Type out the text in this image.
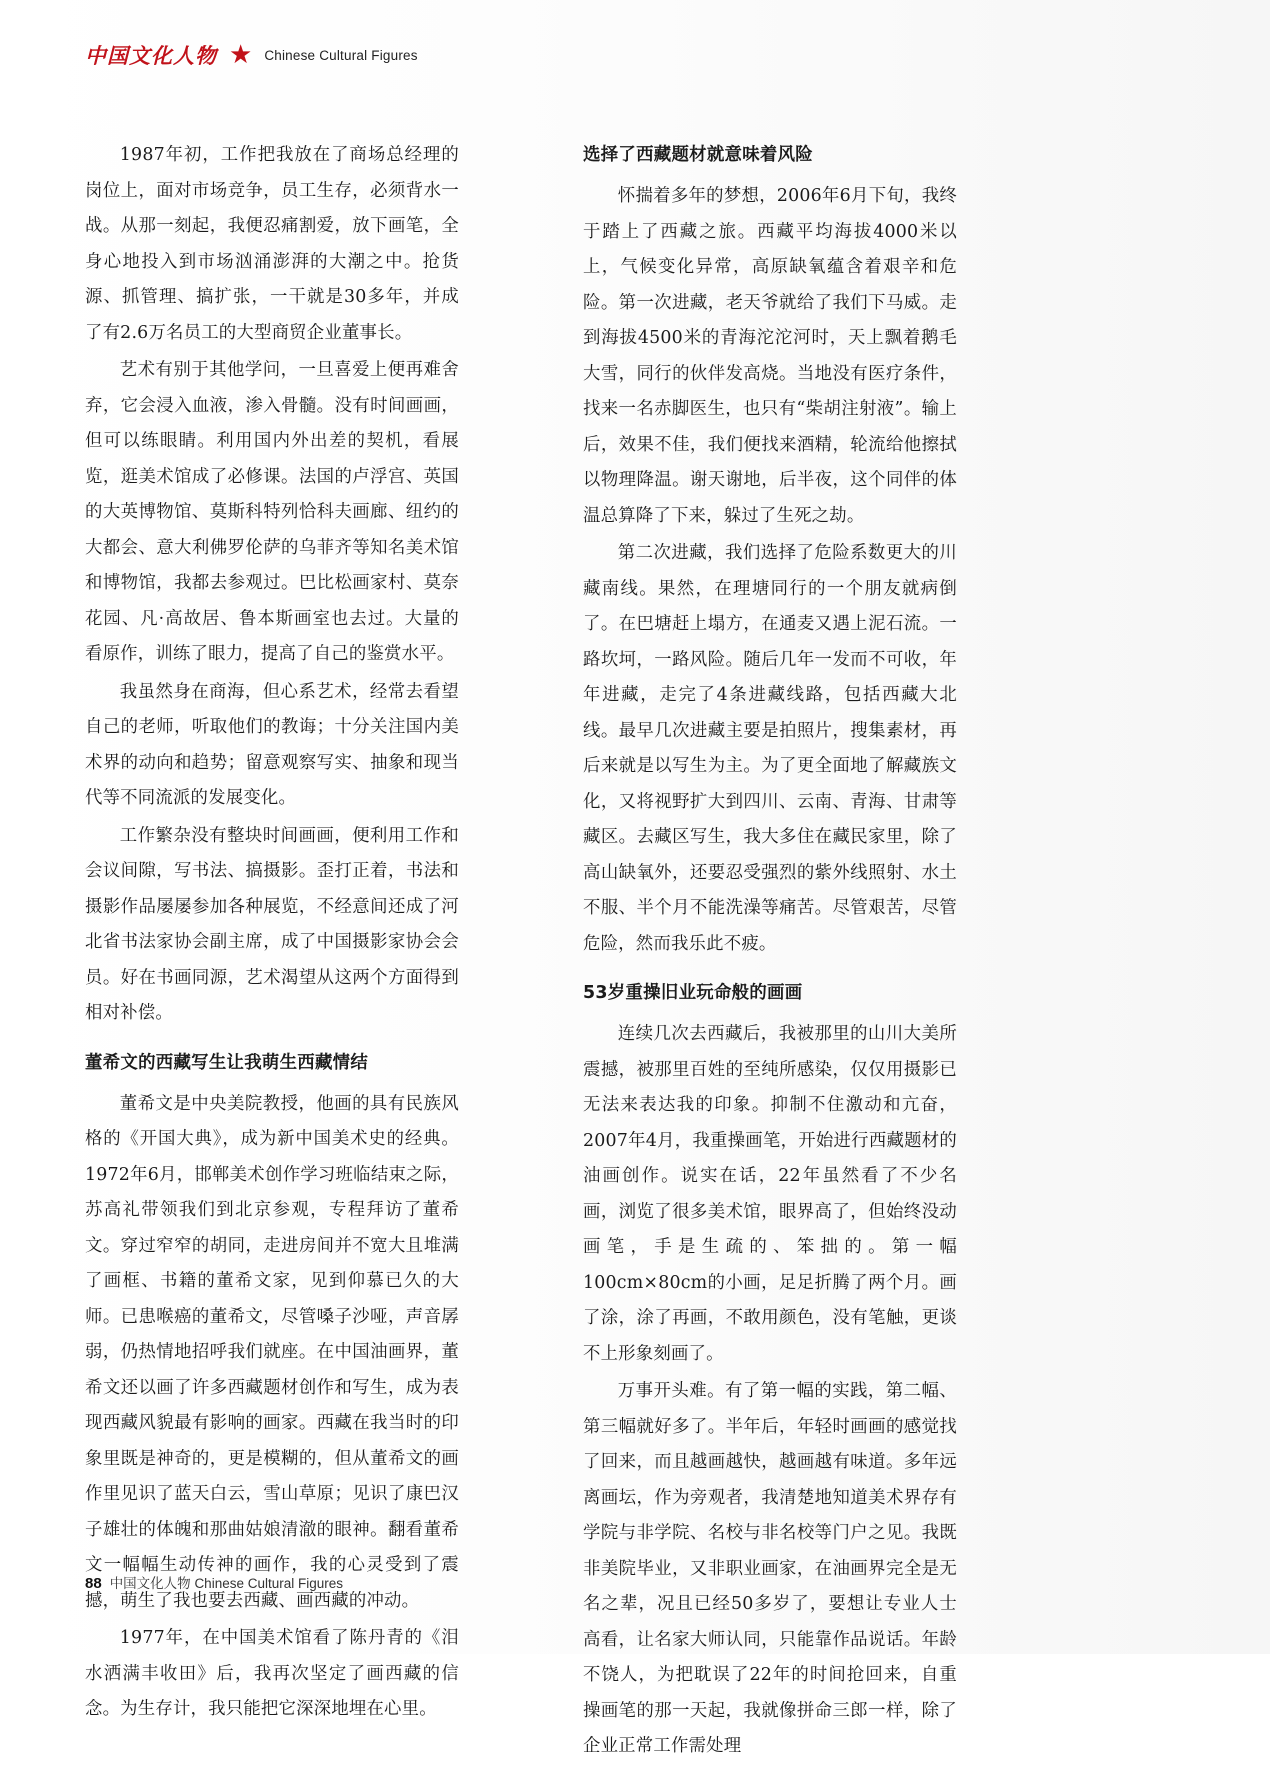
中国文化人物 ★ Chinese Cultural Figures

1987年初，工作把我放在了商场总经理的岗位上，面对市场竞争，员工生存，必须背水一战。从那一刻起，我便忍痛割爱，放下画笔，全身心地投入到市场汹涌澎湃的大潮之中。抢货源、抓管理、搞扩张，一干就是30多年，并成了有2.6万名员工的大型商贸企业董事长。

艺术有别于其他学问，一旦喜爱上便再难舍弃，它会浸入血液，渗入骨髓。没有时间画画，但可以练眼睛。利用国内外出差的契机，看展览，逛美术馆成了必修课。法国的卢浮宫、英国的大英博物馆、莫斯科特列恰科夫画廊、纽约的大都会、意大利佛罗伦萨的乌菲齐等知名美术馆和博物馆，我都去参观过。巴比松画家村、莫奈花园、凡·高故居、鲁本斯画室也去过。大量的看原作，训练了眼力，提高了自己的鉴赏水平。

我虽然身在商海，但心系艺术，经常去看望自己的老师，听取他们的教诲；十分关注国内美术界的动向和趋势；留意观察写实、抽象和现当代等不同流派的发展变化。

工作繁杂没有整块时间画画，便利用工作和会议间隙，写书法、搞摄影。歪打正着，书法和摄影作品屡屡参加各种展览，不经意间还成了河北省书法家协会副主席，成了中国摄影家协会会员。好在书画同源，艺术渴望从这两个方面得到相对补偿。

董希文的西藏写生让我萌生西藏情结

董希文是中央美院教授，他画的具有民族风格的《开国大典》，成为新中国美术史的经典。1972年6月，邯郸美术创作学习班临结束之际，苏高礼带领我们到北京参观，专程拜访了董希文。穿过窄窄的胡同，走进房间并不宽大且堆满了画框、书籍的董希文家，见到仰慕已久的大师。已患喉癌的董希文，尽管嗓子沙哑，声音孱弱，仍热情地招呼我们就座。在中国油画界，董希文还以画了许多西藏题材创作和写生，成为表现西藏风貌最有影响的画家。西藏在我当时的印象里既是神奇的，更是模糊的，但从董希文的画作里见识了蓝天白云，雪山草原；见识了康巴汉子雄壮的体魄和那曲姑娘清澈的眼神。翻看董希文一幅幅生动传神的画作，我的心灵受到了震撼，萌生了我也要去西藏、画西藏的冲动。

1977年，在中国美术馆看了陈丹青的《泪水洒满丰收田》后，我再次坚定了画西藏的信念。为生存计，我只能把它深深地埋在心里。

选择了西藏题材就意味着风险

怀揣着多年的梦想，2006年6月下旬，我终于踏上了西藏之旅。西藏平均海拔4000米以上，气候变化异常，高原缺氧蕴含着艰辛和危险。第一次进藏，老天爷就给了我们下马威。走到海拔4500米的青海沱沱河时，天上飘着鹅毛大雪，同行的伙伴发高烧。当地没有医疗条件，找来一名赤脚医生，也只有“柴胡注射液”。输上后，效果不佳，我们便找来酒精，轮流给他擦拭以物理降温。谢天谢地，后半夜，这个同伴的体温总算降了下来，躲过了生死之劫。

第二次进藏，我们选择了危险系数更大的川藏南线。果然，在理塘同行的一个朋友就病倒了。在巴塘赶上塌方，在通麦又遇上泥石流。一路坎坷，一路风险。随后几年一发而不可收，年年进藏，走完了4条进藏线路，包括西藏大北线。最早几次进藏主要是拍照片，搜集素材，再后来就是以写生为主。为了更全面地了解藏族文化，又将视野扩大到四川、云南、青海、甘肃等藏区。去藏区写生，我大多住在藏民家里，除了高山缺氧外，还要忍受强烈的紫外线照射、水土不服、半个月不能洗澡等痛苦。尽管艰苦，尽管危险，然而我乐此不疲。

53岁重操旧业玩命般的画画

连续几次去西藏后，我被那里的山川大美所震撼，被那里百姓的至纯所感染，仅仅用摄影已无法来表达我的印象。抑制不住激动和亢奋，2007年4月，我重操画笔，开始进行西藏题材的油画创作。说实在话，22年虽然看了不少名画，浏览了很多美术馆，眼界高了，但始终没动画笔，手是生疏的、笨拙的。第一幅100cm×80cm的小画，足足折腾了两个月。画了涂，涂了再画，不敢用颜色，没有笔触，更谈不上形象刻画了。

万事开头难。有了第一幅的实践，第二幅、第三幅就好多了。半年后，年轻时画画的感觉找了回来，而且越画越快，越画越有味道。多年远离画坛，作为旁观者，我清楚地知道美术界存有学院与非学院、名校与非名校等门户之见。我既非美院毕业，又非职业画家，在油画界完全是无名之辈，况且已经50多岁了，要想让专业人士高看，让名家大师认同，只能靠作品说话。年龄不饶人，为把耽误了22年的时间抢回来，自重操画笔的那一天起，我就像拼命三郎一样，除了企业正常工作需处理

88 中国文化人物 Chinese Cultural Figures
